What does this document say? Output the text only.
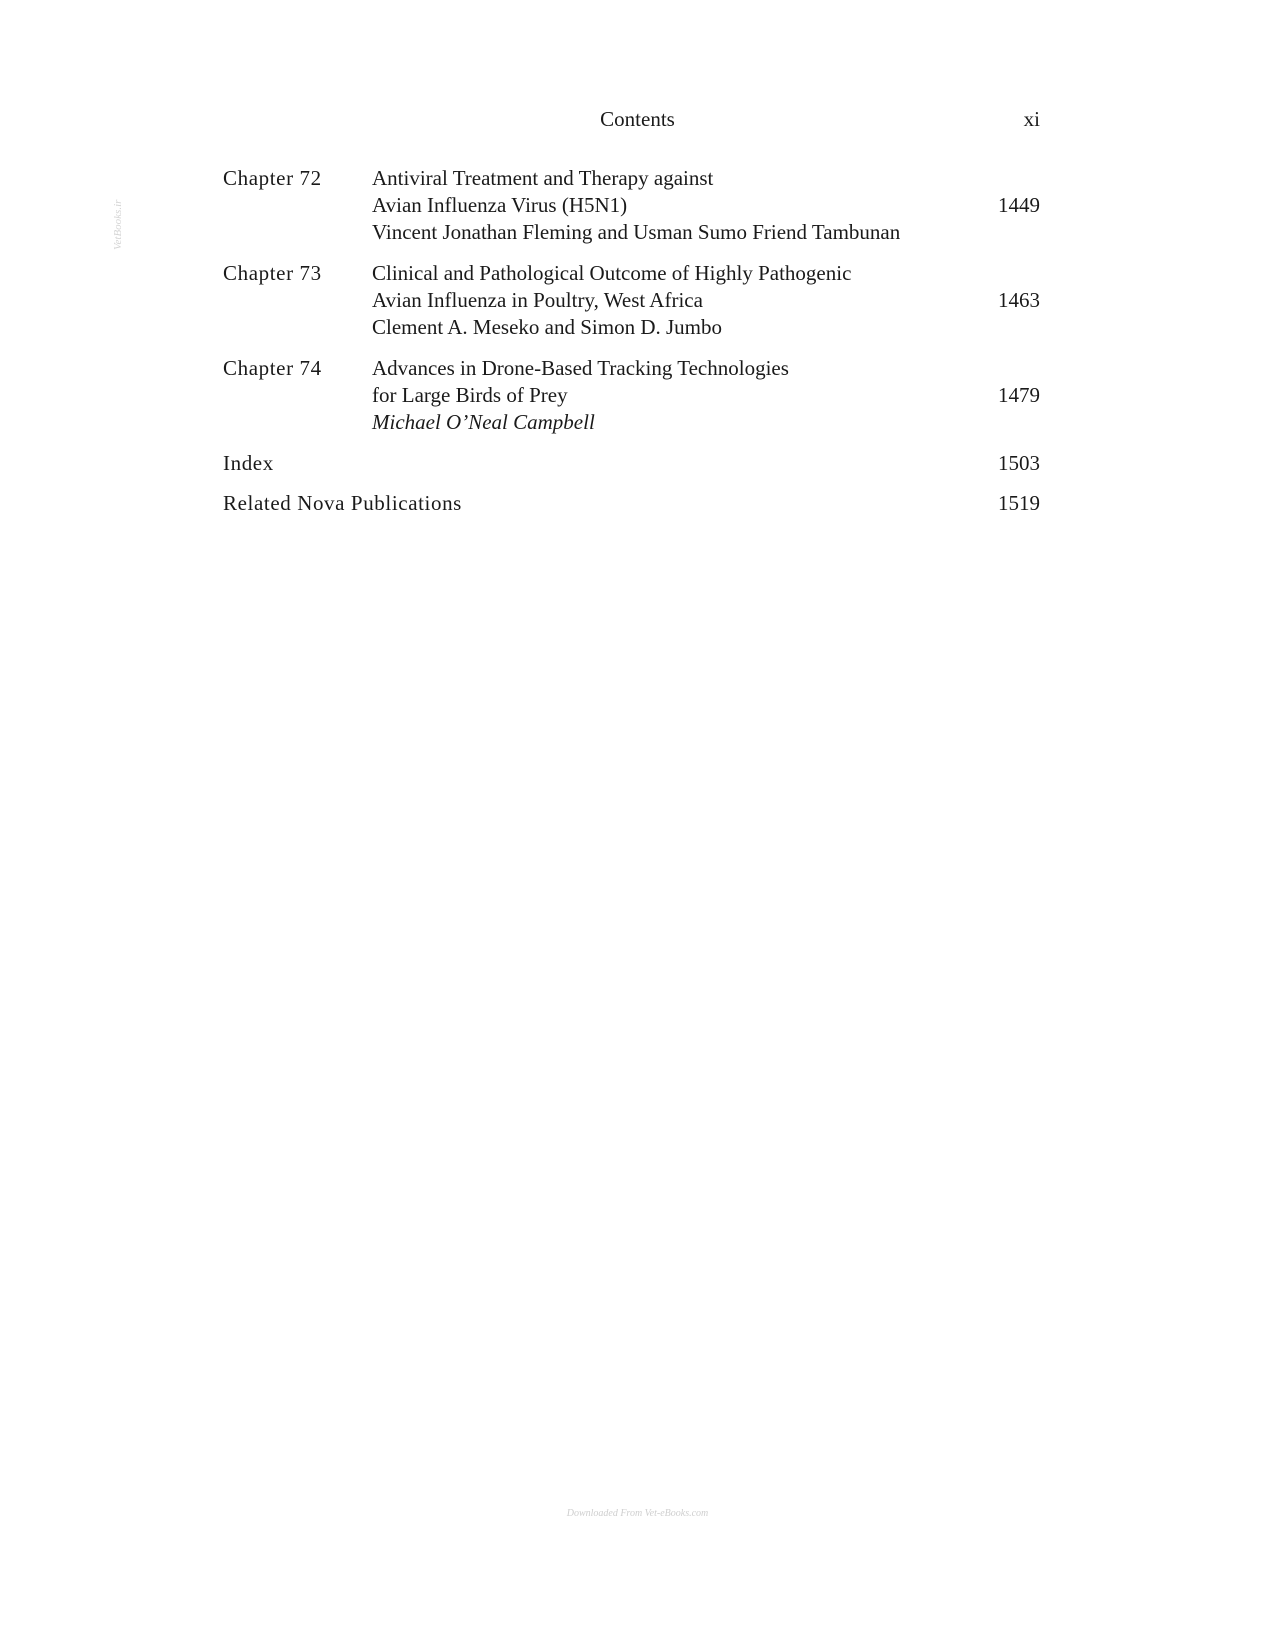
Contents	xi
VetBooks.ir
Chapter 72 Antiviral Treatment and Therapy against
Avian Influenza Virus (H5N1)
Vincent Jonathan Fleming and Usman Sumo Friend Tambunan
1449
Chapter 73 Clinical and Pathological Outcome of Highly Pathogenic
Avian Influenza in Poultry, West Africa
Clement A. Meseko and Simon D. Jumbo
1463
Chapter 74 Advances in Drone-Based Tracking Technologies
for Large Birds of Prey
Michael O’Neal Campbell
1479
Index	1503
Related Nova Publications	1519
Downloaded From Vet-eBooks.com
